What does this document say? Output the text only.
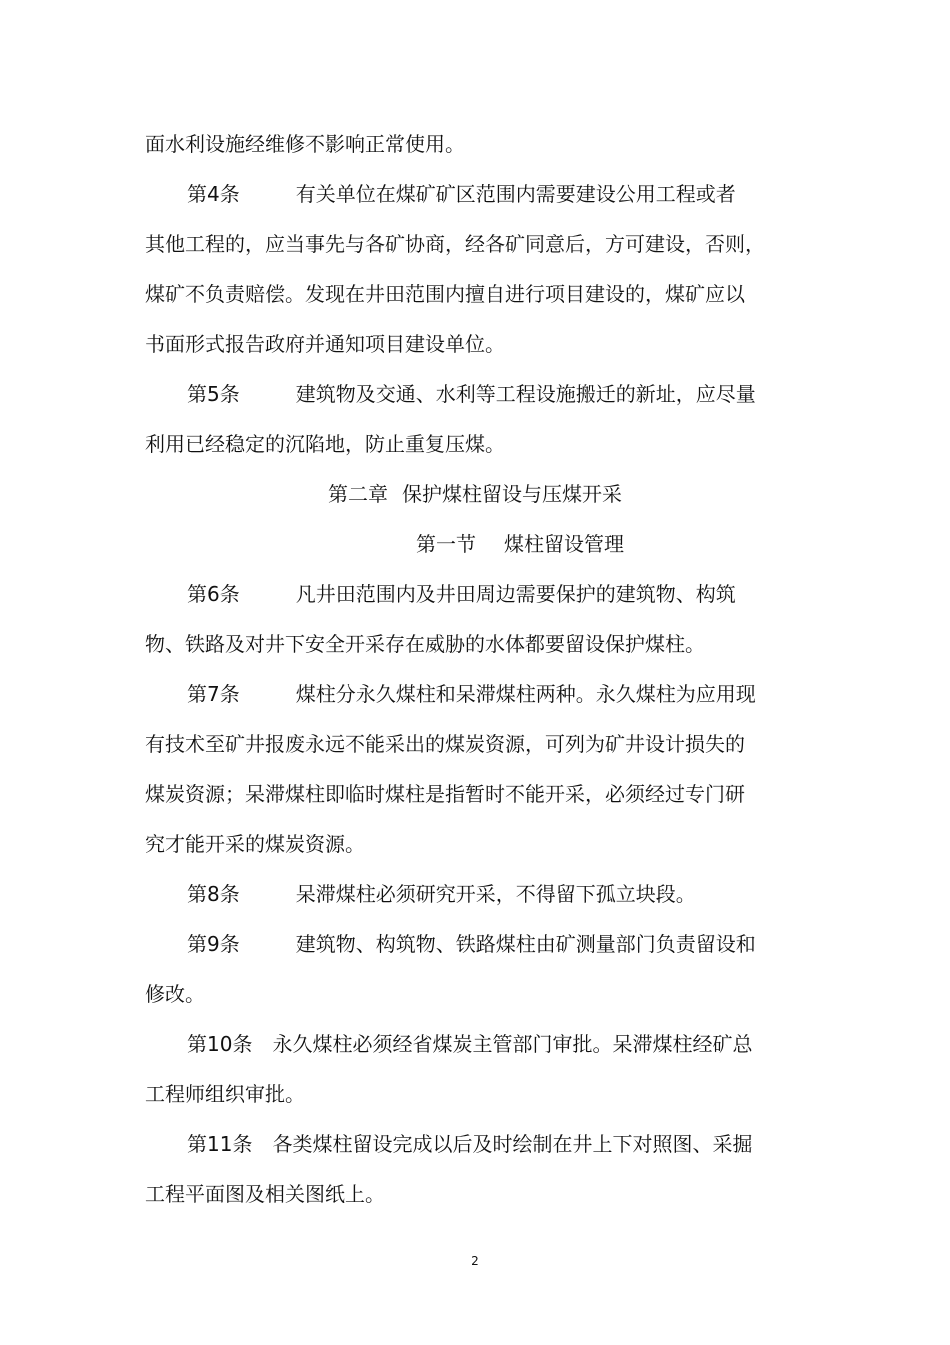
面水利设施经维修不影响正常使用。
第4条	有关单位在煤矿矿区范围内需要建设公用工程或者
其他工程的，应当事先与各矿协商，经各矿同意后，方可建设，否则，
煤矿不负责赔偿。发现在井田范围内擅自进行项目建设的，煤矿应以
书面形式报告政府并通知项目建设单位。
第5条	建筑物及交通、水利等工程设施搬迁的新址，应尽量
利用已经稳定的沉陷地，防止重复压煤。
第二章 保护煤柱留设与压煤开采
第一节 煤柱留设管理
第6条	凡井田范围内及井田周边需要保护的建筑物、构筑
物、铁路及对井下安全开采存在威胁的水体都要留设保护煤柱。
第7条	煤柱分永久煤柱和呆滞煤柱两种。永久煤柱为应用现
有技术至矿井报废永远不能采出的煤炭资源，可列为矿井设计损失的
煤炭资源；呆滞煤柱即临时煤柱是指暂时不能开采，必须经过专门研
究才能开采的煤炭资源。
第8条	呆滞煤柱必须研究开采，不得留下孤立块段。
第9条	建筑物、构筑物、铁路煤柱由矿测量部门负责留设和
修改。
第10条 永久煤柱必须经省煤炭主管部门审批。呆滞煤柱经矿总
工程师组织审批。
第11条 各类煤柱留设完成以后及时绘制在井上下对照图、采掘
工程平面图及相关图纸上。
2
